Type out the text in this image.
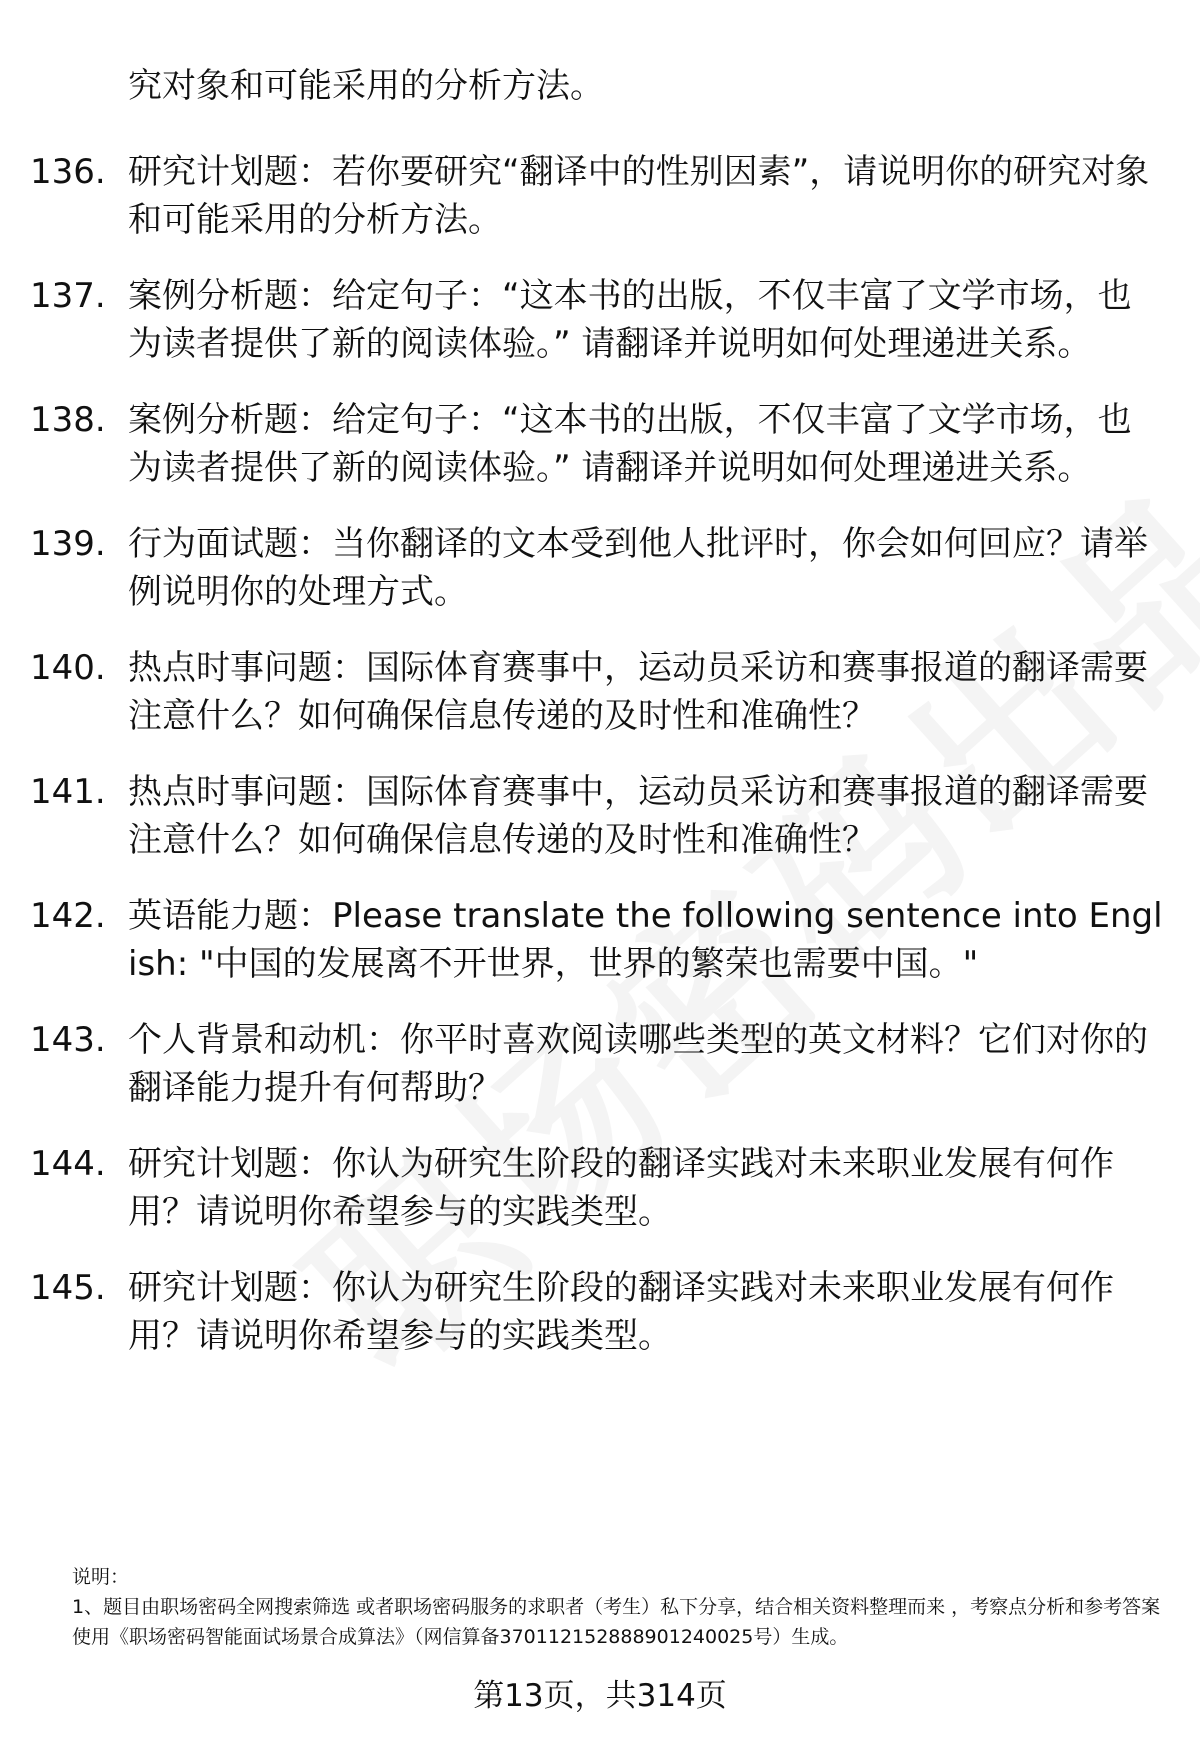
究对象和可能采用的分析方法。

136. 研究计划题：若你要研究“翻译中的性别因素”，请说明你的研究对象和可能采用的分析方法。
137. 案例分析题：给定句子：“这本书的出版，不仅丰富了文学市场，也为读者提供了新的阅读体验。” 请翻译并说明如何处理递进关系。
138. 案例分析题：给定句子：“这本书的出版，不仅丰富了文学市场，也为读者提供了新的阅读体验。” 请翻译并说明如何处理递进关系。
139. 行为面试题：当你翻译的文本受到他人批评时，你会如何回应？请举例说明你的处理方式。
140. 热点时事问题：国际体育赛事中，运动员采访和赛事报道的翻译需要注意什么？如何确保信息传递的及时性和准确性？
141. 热点时事问题：国际体育赛事中，运动员采访和赛事报道的翻译需要注意什么？如何确保信息传递的及时性和准确性？
142. 英语能力题：Please translate the following sentence into English: "中国的发展离不开世界，世界的繁荣也需要中国。"
143. 个人背景和动机：你平时喜欢阅读哪些类型的英文材料？它们对你的翻译能力提升有何帮助？
144. 研究计划题：你认为研究生阶段的翻译实践对未来职业发展有何作用？请说明你希望参与的实践类型。
145. 研究计划题：你认为研究生阶段的翻译实践对未来职业发展有何作用？请说明你希望参与的实践类型。

说明：

1、题目由职场密码全网搜索筛选 或者职场密码服务的求职者（考生）私下分享，结合相关资料整理而来 ，考察点分析和参考答案使用《职场密码智能面试场景合成算法》（网信算备370112152888901240025号）生成。

第13页，共314页
